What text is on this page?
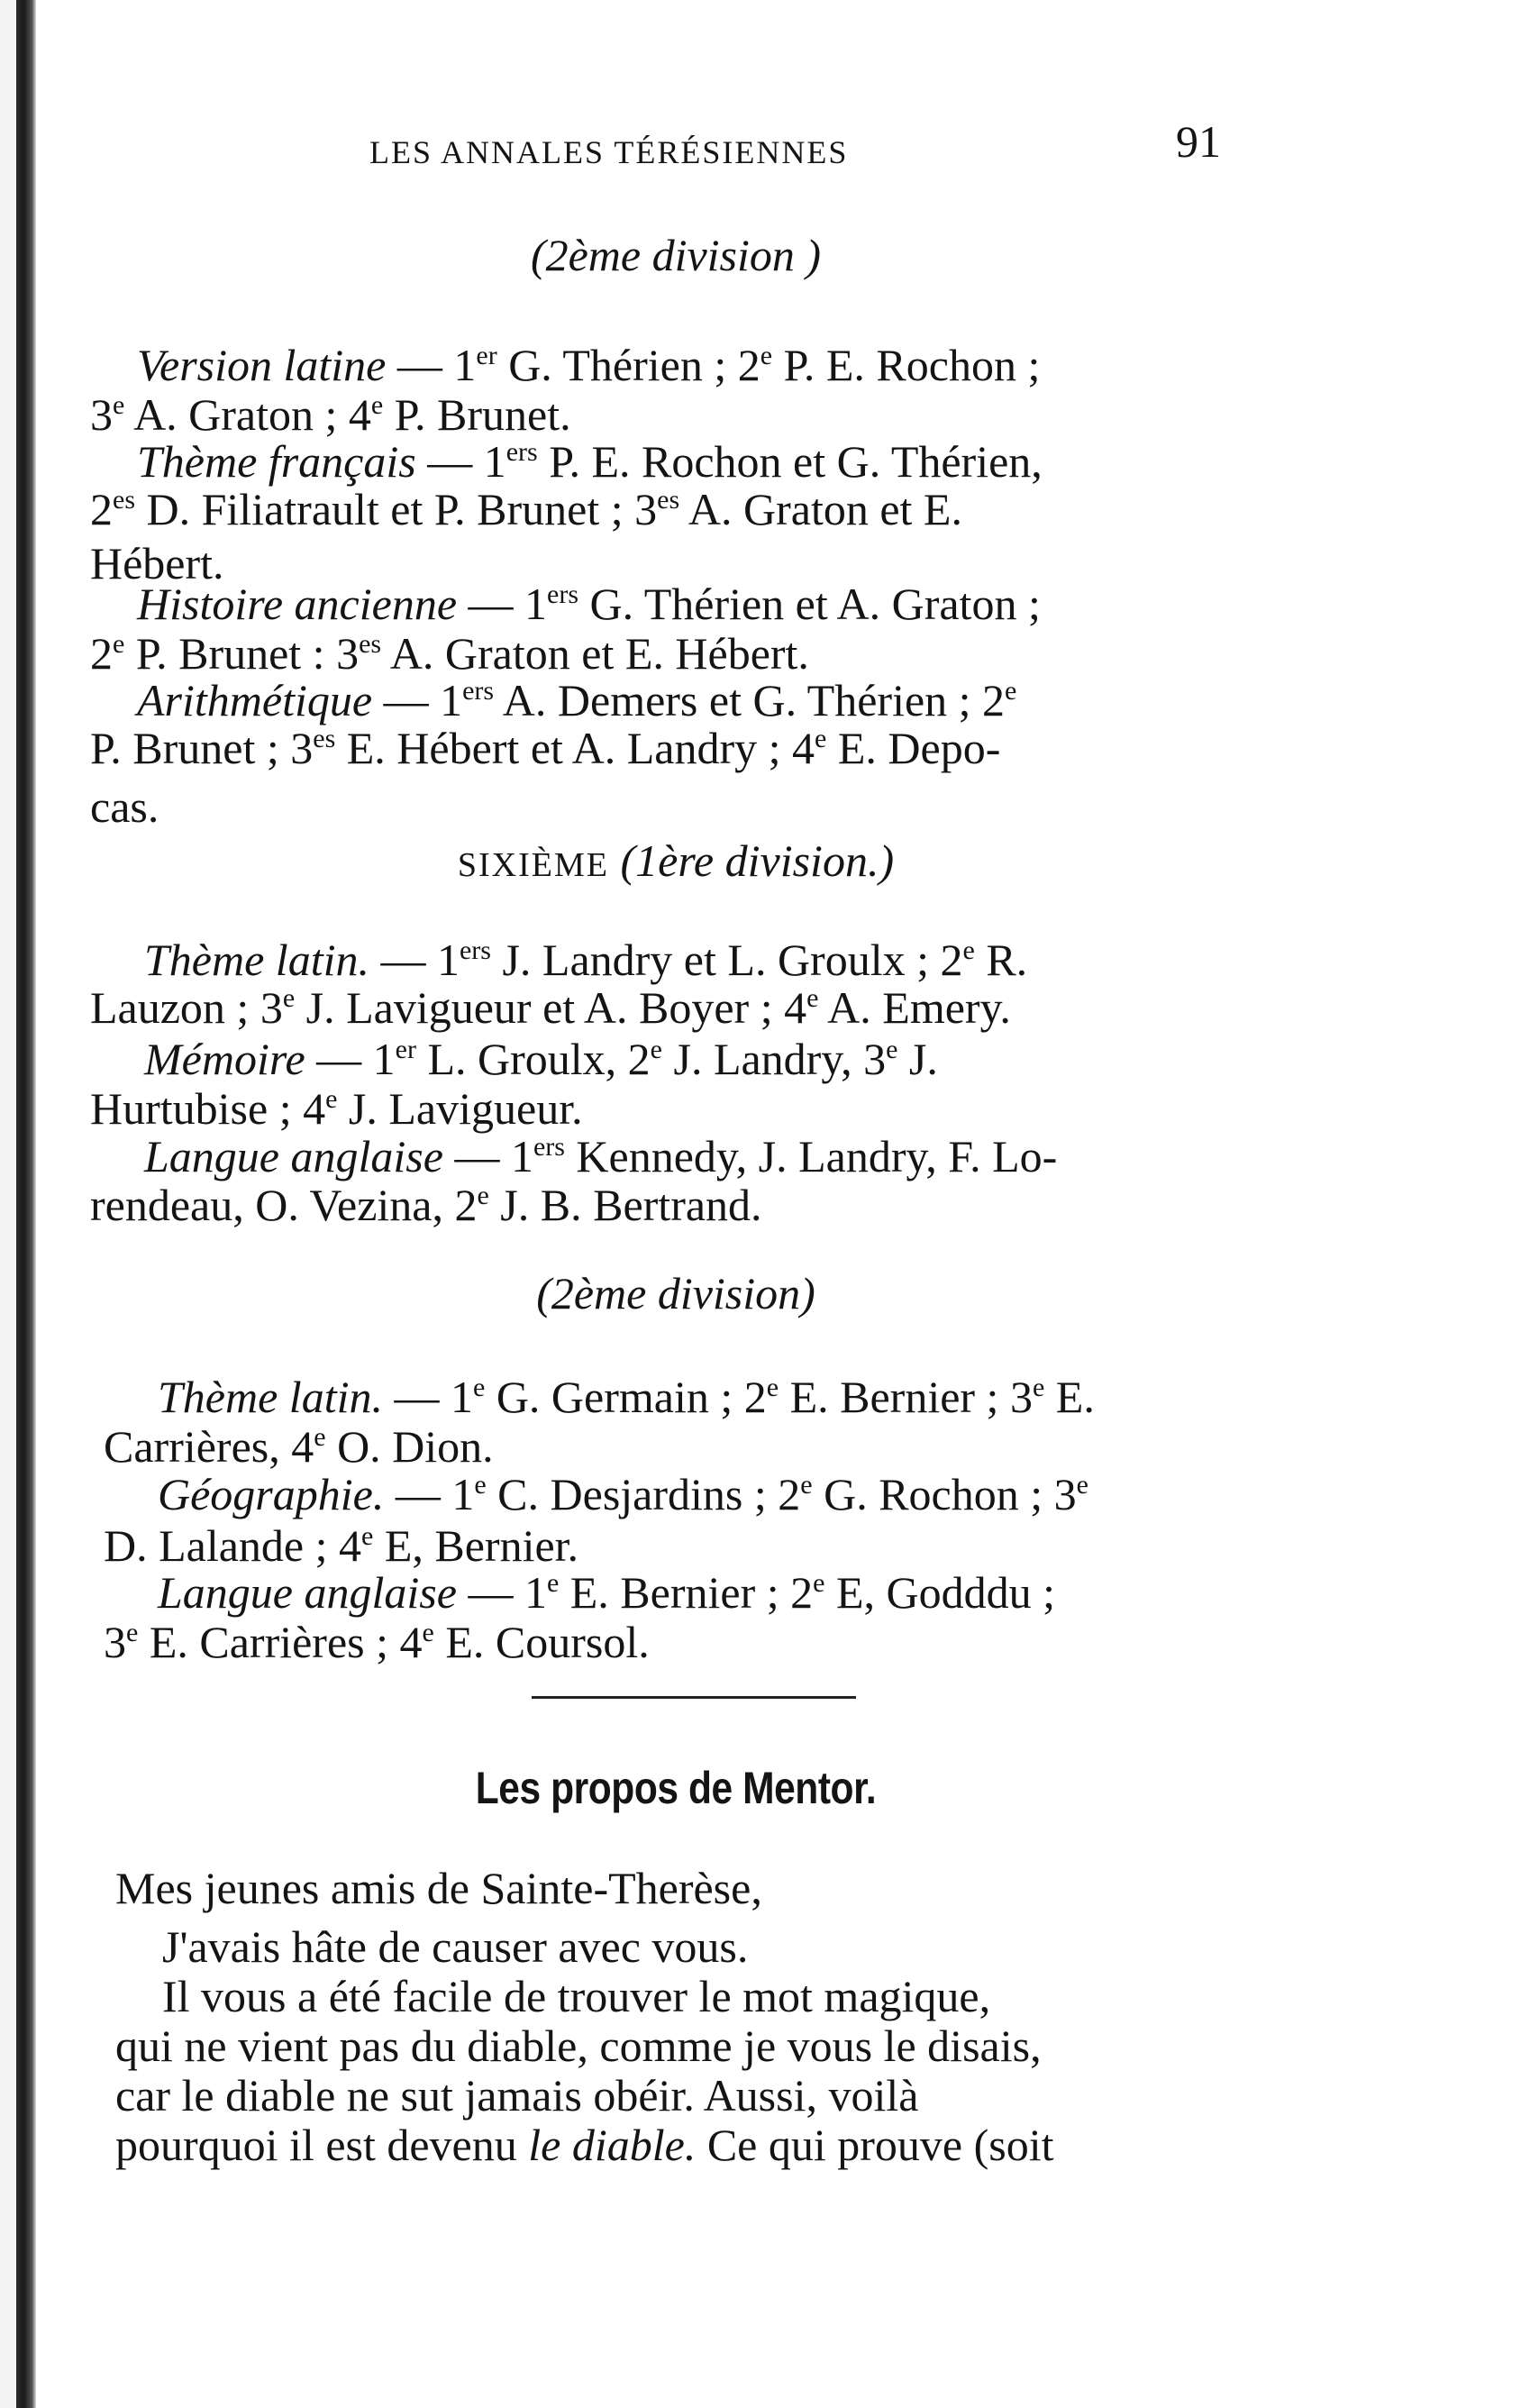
LES ANNALES TÉRÉSIENNES	91
(2ème division )
Version latine — 1er G. Thérien ; 2e P. E. Rochon ;
3e A. Graton ; 4e P. Brunet.
Thème français — 1ers P. E. Rochon et G. Thérien,
$2^{es}$ D. Filiatrault et P. Brunet ; $3^{es}$ A. Graton et E.
Hébert.
Histoire ancienne — 1ers G. Thérien et A. Graton ;
2e P. Brunet : $3^{es}$ A. Graton et E. Hébert.
Arithmétique — 1ers A. Demers et G. Thérien ; 2e
P. Brunet ; $3^{es}$ E. Hébert et A. Landry ; 4e E. Depo-
cas.
SIXIÈME (1ère division.)
Thème latin. — 1ers J. Landry et L. Groulx ; 2e R.
Lauzon ; 3e J. Lavigueur et A. Boyer ; 4e A. Emery.
Mémoire — 1er L. Groulx, 2e J. Landry, 3e J.
Hurtubise ; 4e J. Lavigueur.
Langue anglaise — 1ers Kennedy, J. Landry, F. Lo-
rendeau, O. Vezina, 2e J. B. Bertrand.
(2ème division)
Thème latin. — 1e G. Germain ; 2e E. Bernier ; 3e E.
Carrières, 4e O. Dion.
Géographie. — 1e C. Desjardins ; 2e G. Rochon ; 3e
D. Lalande ; 4e E, Bernier.
Langue anglaise — 1e E. Bernier ; 2e E, Godddu ;
3e E. Carrières ; 4e E. Coursol.
Les propos de Mentor.
Mes jeunes amis de Sainte-Therèse,
J'avais hâte de causer avec vous.
Il vous a été facile de trouver le mot magique,
qui ne vient pas du diable, comme je vous le disais,
car le diable ne sut jamais obéir. Aussi, voilà
pourquoi il est devenu le diable. Ce qui prouve (soit
